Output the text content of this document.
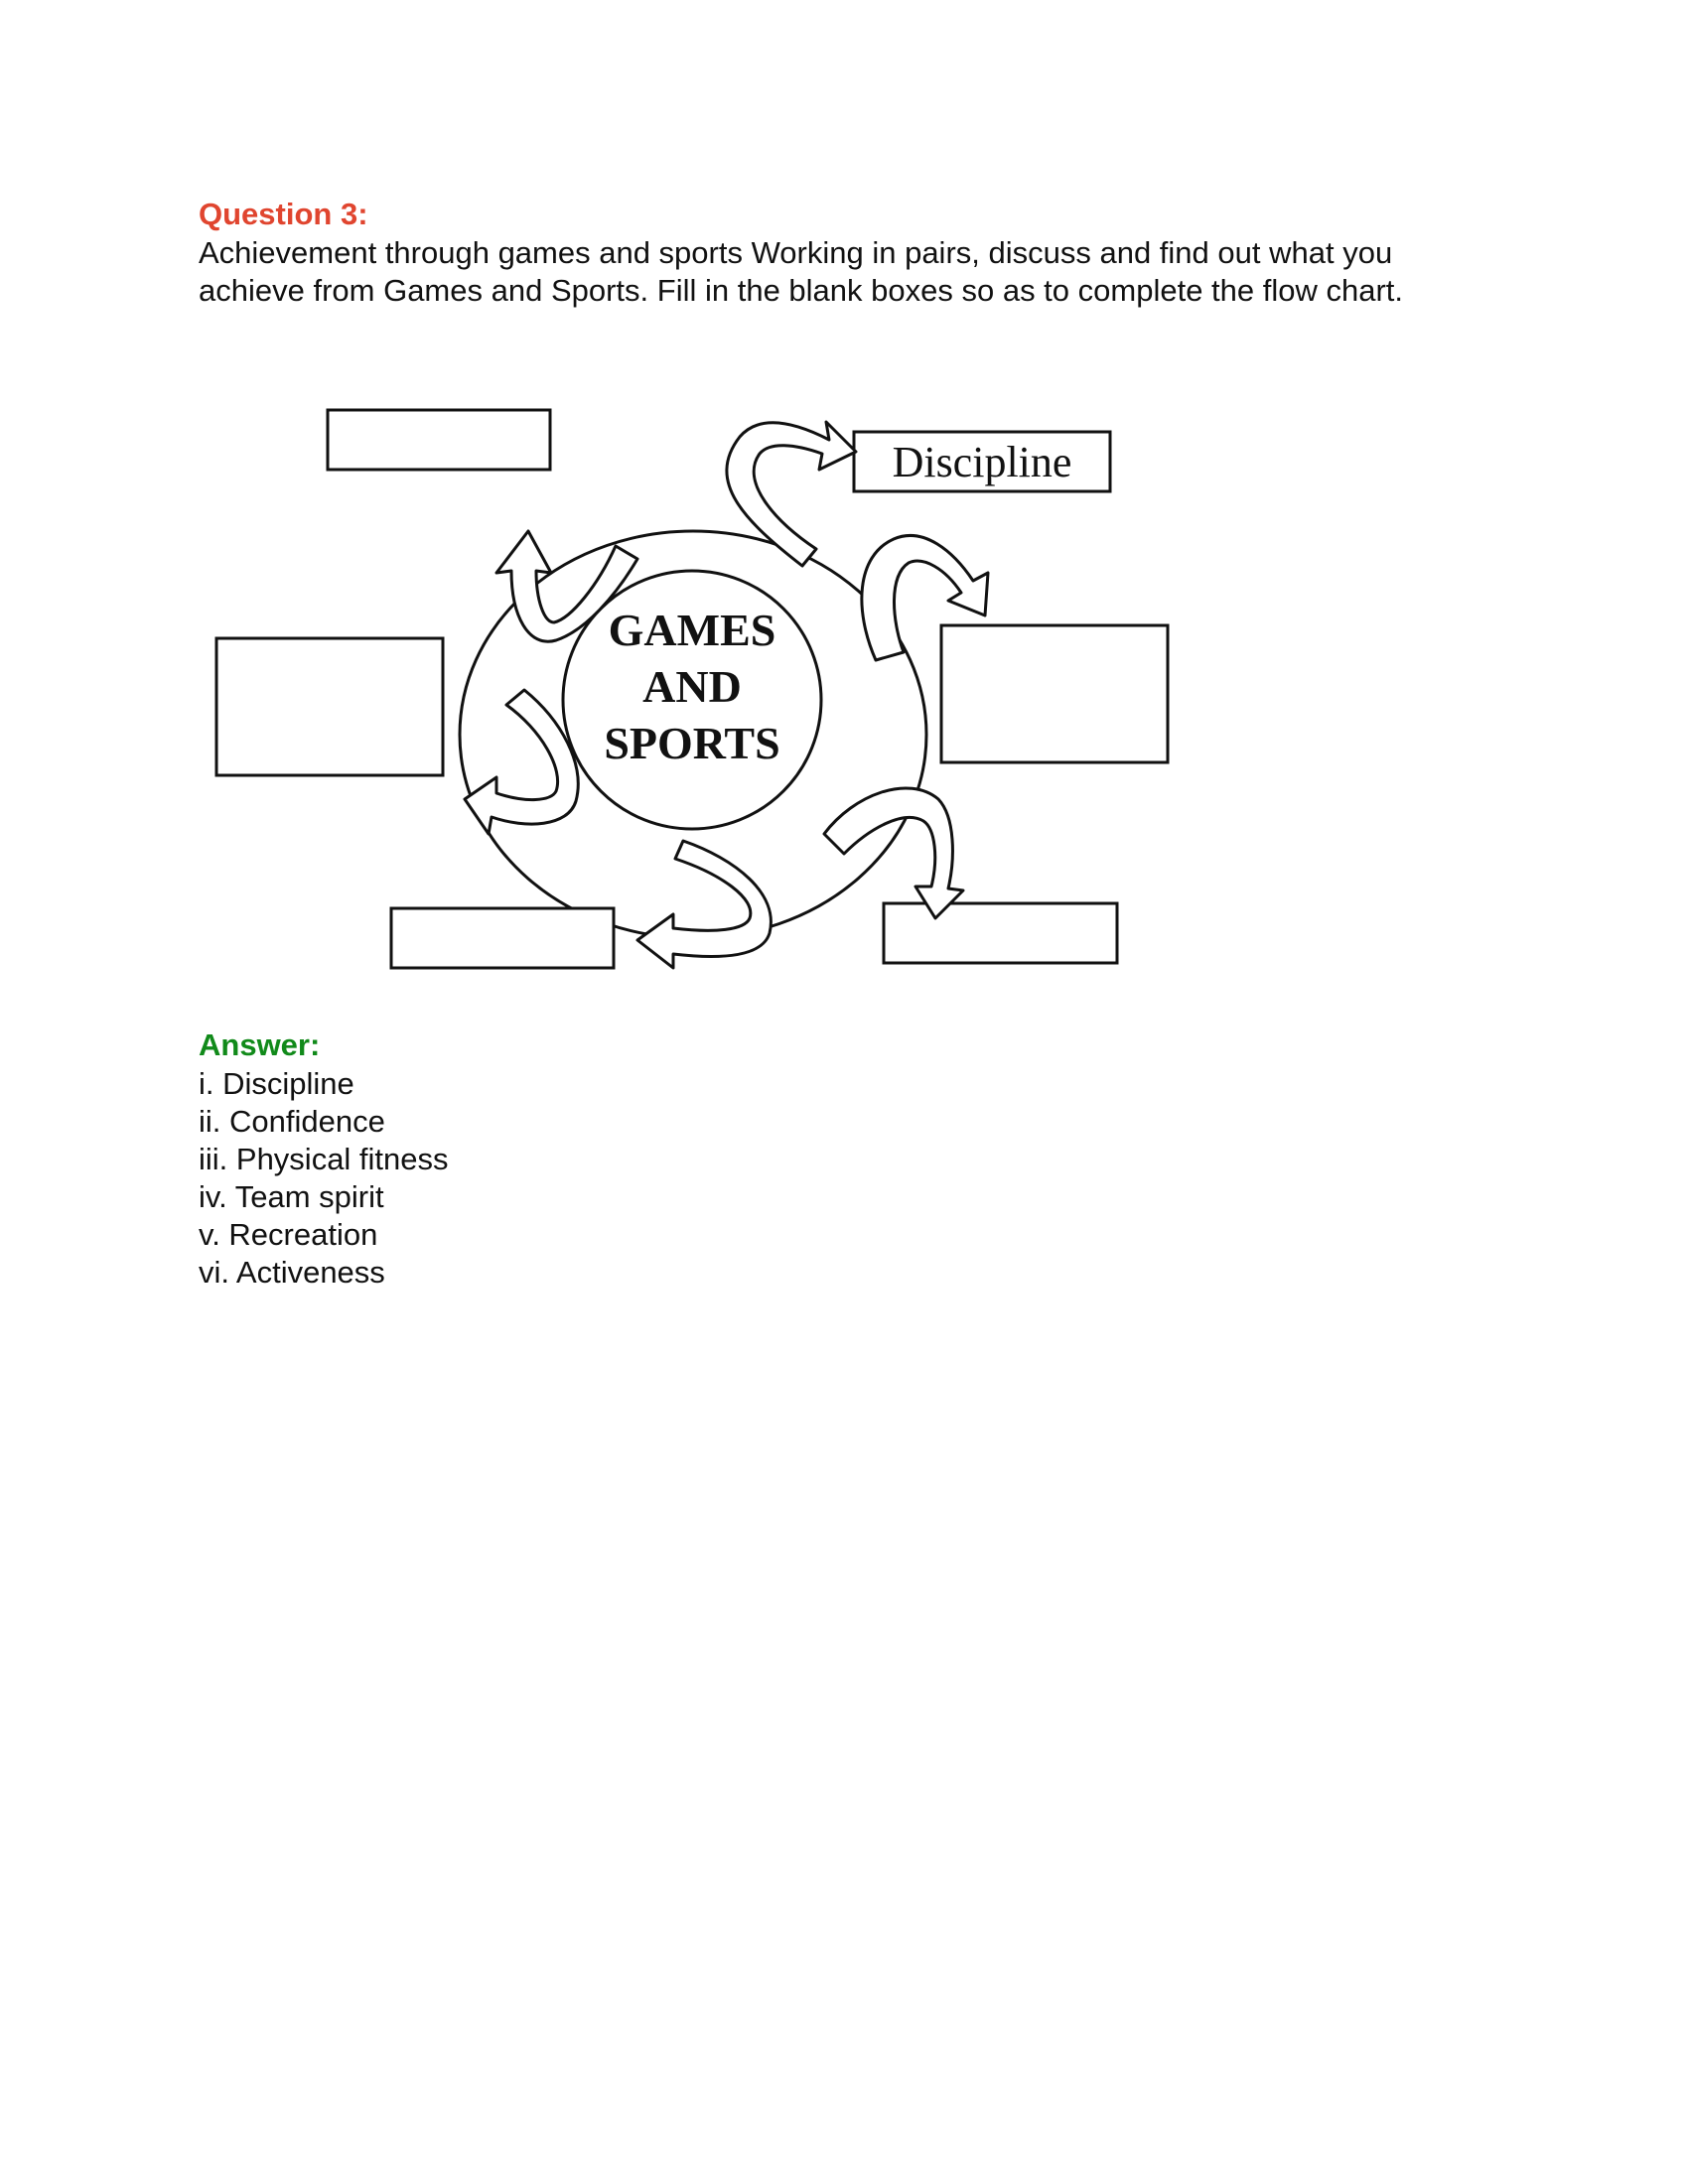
Question 3:

Achievement through games and sports Working in pairs, discuss and find out what you achieve from Games and Sports. Fill in the blank boxes so as to complete the flow chart.

GAMES
AND
SPORTS
Discipline

Answer:

i. Discipline
ii. Confidence
iii. Physical fitness
iv. Team spirit
v. Recreation
vi. Activeness
